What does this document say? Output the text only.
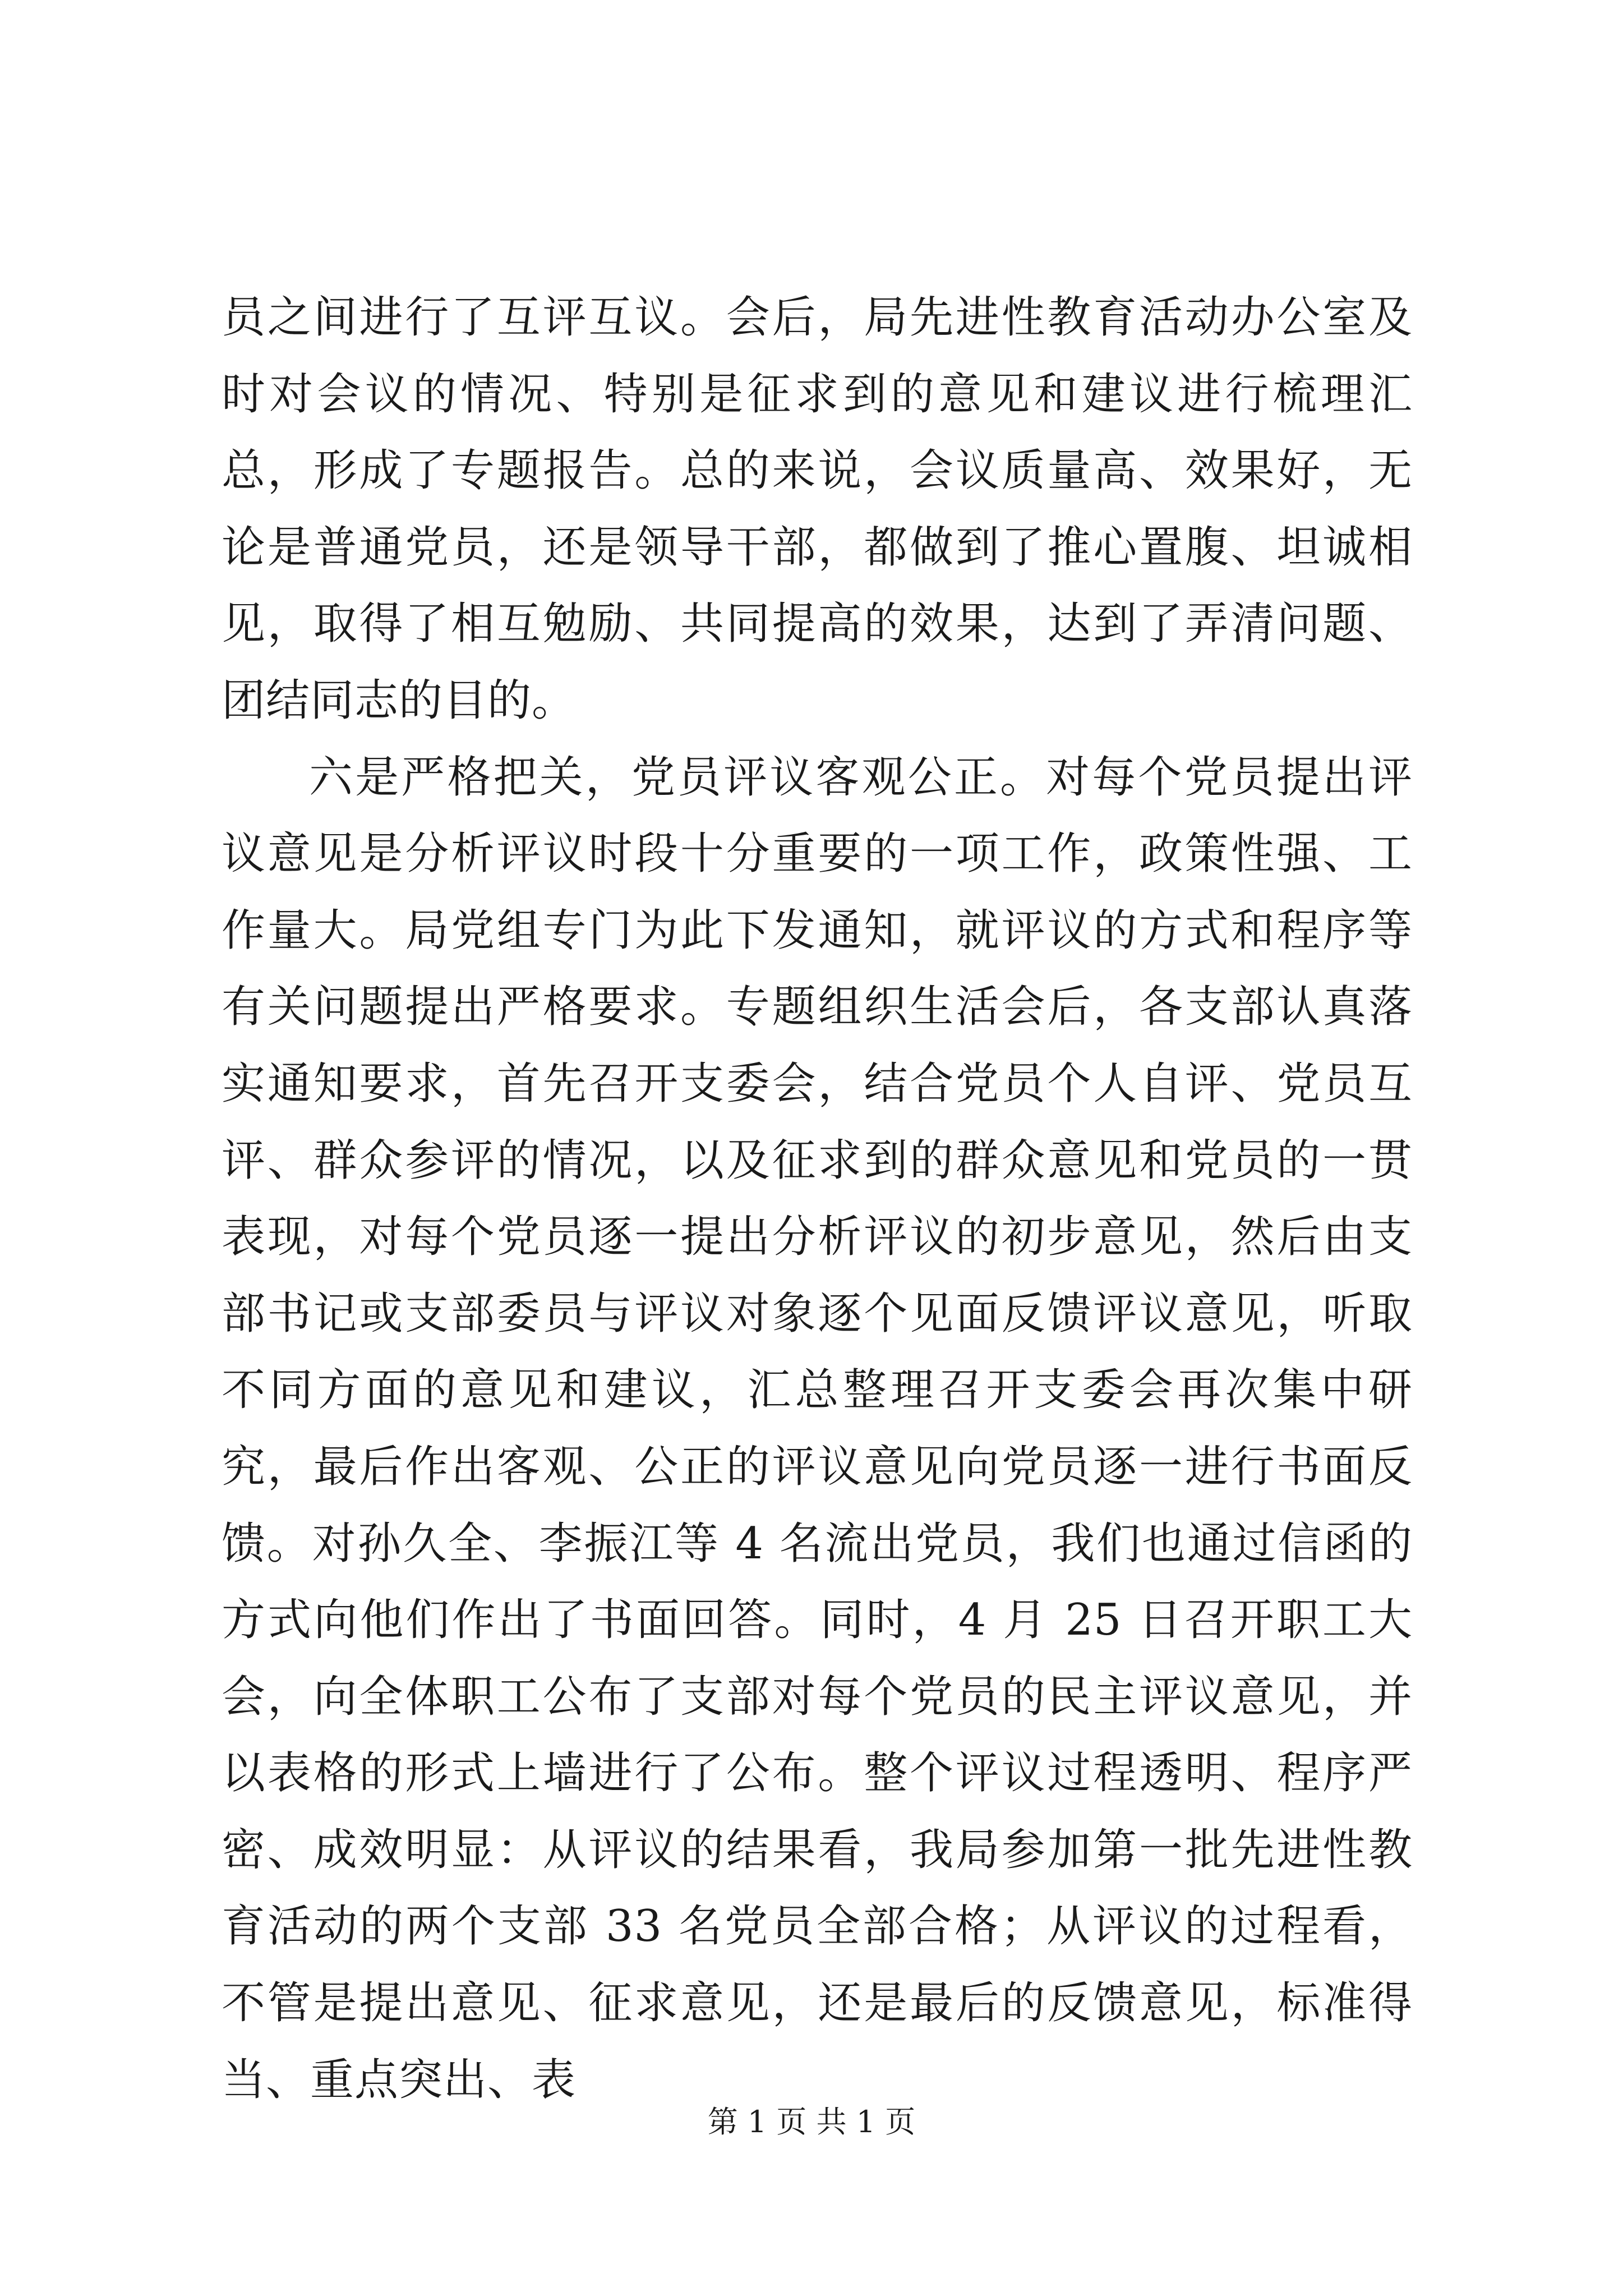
员之间进行了互评互议。会后，局先进性教育活动办公室及时对会议的情况、特别是征求到的意见和建议进行梳理汇总，形成了专题报告。总的来说，会议质量高、效果好，无论是普通党员，还是领导干部，都做到了推心置腹、坦诚相见，取得了相互勉励、共同提高的效果，达到了弄清问题、团结同志的目的。

六是严格把关，党员评议客观公正。对每个党员提出评议意见是分析评议时段十分重要的一项工作，政策性强、工作量大。局党组专门为此下发通知，就评议的方式和程序等有关问题提出严格要求。专题组织生活会后，各支部认真落实通知要求，首先召开支委会，结合党员个人自评、党员互评、群众参评的情况，以及征求到的群众意见和党员的一贯表现，对每个党员逐一提出分析评议的初步意见，然后由支部书记或支部委员与评议对象逐个见面反馈评议意见，听取不同方面的意见和建议，汇总整理召开支委会再次集中研究，最后作出客观、公正的评议意见向党员逐一进行书面反馈。对孙久全、李振江等 4 名流出党员，我们也通过信函的方式向他们作出了书面回答。同时，4 月 25 日召开职工大会，向全体职工公布了支部对每个党员的民主评议意见，并以表格的形式上墙进行了公布。整个评议过程透明、程序严密、成效明显：从评议的结果看，我局参加第一批先进性教育活动的两个支部 33 名党员全部合格；从评议的过程看，不管是提出意见、征求意见，还是最后的反馈意见，标准得当、重点突出、表

第 1 页 共 1 页
